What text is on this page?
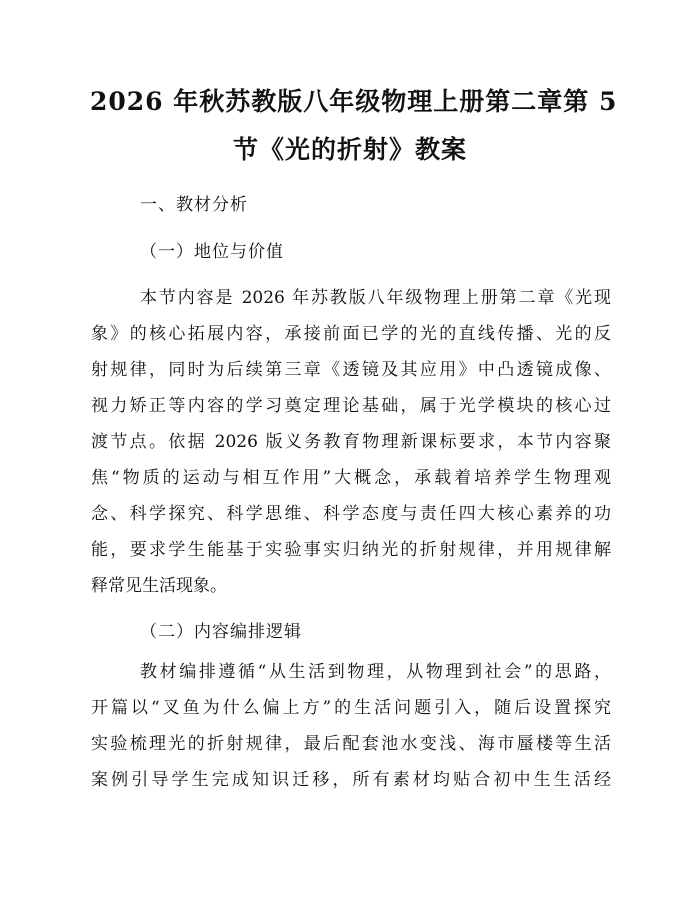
2026 年秋苏教版八年级物理上册第二章第 5
节《光的折射》教案
一、教材分析
（一）地位与价值
本节内容是 2026 年苏教版八年级物理上册第二章《光现
象》的核心拓展内容，承接前面已学的光的直线传播、光的反
射规律，同时为后续第三章《透镜及其应用》中凸透镜成像、
视力矫正等内容的学习奠定理论基础，属于光学模块的核心过
渡节点。依据 2026 版义务教育物理新课标要求，本节内容聚
焦“物质的运动与相互作用”大概念，承载着培养学生物理观
念、科学探究、科学思维、科学态度与责任四大核心素养的功
能，要求学生能基于实验事实归纳光的折射规律，并用规律解
释常见生活现象。
（二）内容编排逻辑
教材编排遵循“从生活到物理，从物理到社会”的思路，
开篇以“叉鱼为什么偏上方”的生活问题引入，随后设置探究
实验梳理光的折射规律，最后配套池水变浅、海市蜃楼等生活
案例引导学生完成知识迁移，所有素材均贴合初中生生活经
